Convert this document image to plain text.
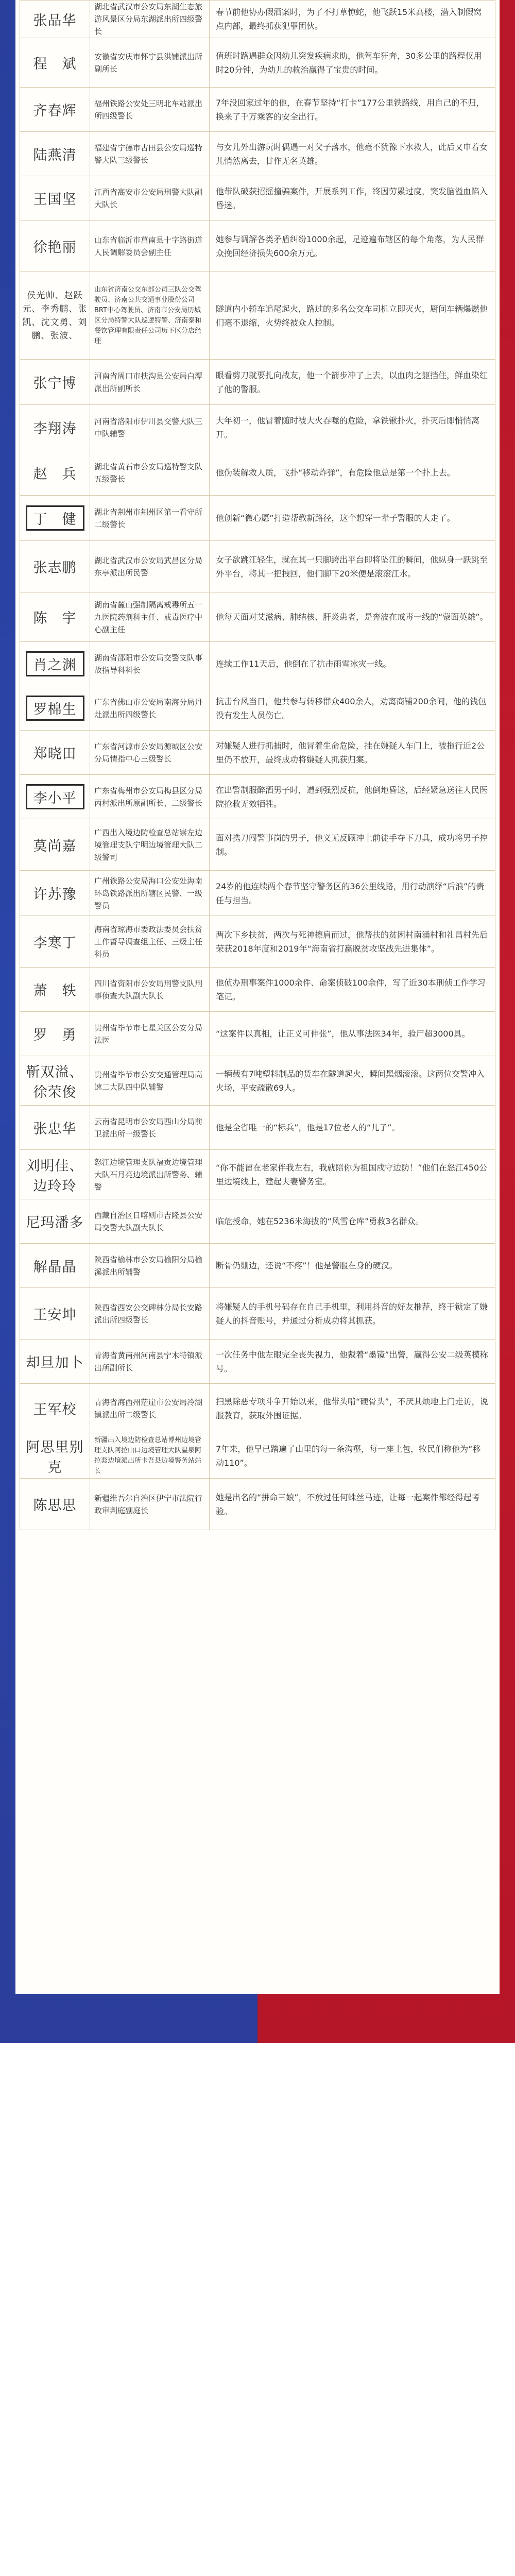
张品华	湖北省武汉市公安局东湖生态旅游风景区分局东湖派出所四级警长	春节前他协办假酒案时，为了不打草惊蛇，他飞跃15米高楼，潜入制假窝点内部，最终抓获犯罪团伙。
程　斌	安徽省安庆市怀宁县洪铺派出所副所长	值班时路遇群众因幼儿突发疾病求助，他驾车狂奔，30多公里的路程仅用时20分钟，为幼儿的救治赢得了宝贵的时间。
齐春辉	福州铁路公安处三明北车站派出所四级警长	7年没回家过年的他，在春节坚持“打卡”177公里铁路线，用自己的不归，换来了千万乘客的安全出行。
陆燕清	福建省宁德市古田县公安局巡特警大队三级警长	与女儿外出游玩时偶遇一对父子落水，他毫不犹豫下水救人，此后又申着女儿悄然离去，甘作无名英雄。
王国坚	江西省高安市公安局刑警大队副大队长	他带队破获招摇撞骗案件，开展系列工作，终因劳累过度，突发脑溢血陷入昏迷。
徐艳丽	山东省临沂市莒南县十字路街道人民调解委员会副主任	她参与调解各类矛盾纠纷1000余起，足迹遍布辖区的每个角落，为人民群众挽回经济损失600余万元。
侯光帅、赵跃元、李秀鹏、张凯、沈文勇、刘鹏、张波、	山东省济南公交东部公司三队公交驾驶员、济南公共交通事业股份公司BRT中心驾驶员、济南市公安局历城区分局特警大队巡逻特警、济南泰和餐饮管理有限责任公司历下区分店经理	隧道内小轿车追尾起火，路过的多名公交车司机立即灭火，厨间车辆爆燃他们毫不退缩，火势终被众人控制。
张宁博	河南省周口市扶沟县公安局白潭派出所副所长	眼看剪刀就要扎向战友，他一个箭步冲了上去，以血肉之躯挡住，鲜血染红了他的警服。
李翔涛	河南省洛阳市伊川县交警大队三中队辅警	大年初一，他冒着随时被大火吞噬的危险，拿铁锹扑火，扑灭后即悄悄离开。
赵　兵	湖北省黄石市公安局巡特警支队五级警长	他伪装解救人质，飞扑“移动炸弹”，有危险他总是第一个扑上去。
丁　健	湖北省荆州市荆州区第一看守所二级警长	他创新“微心愿”打造帮教新路径，这个想穿一辈子警服的人走了。
张志鹏	湖北省武汉市公安局武昌区分局东亭派出所民警	女子欲跳江轻生，就在其一只脚跨出平台即将坠江的瞬间，他纵身一跃跳至外平台，将其一把拽回，他们脚下20米便是滚滚江水。
陈　宇	湖南省麓山强制隔离戒毒所五一九医院药剂科主任、戒毒医疗中心副主任	他每天面对艾滋病、肺结核、肝炎患者，是奔波在戒毒一线的“蒙面英雄”。
肖之渊	湖南省邵阳市公安局交警支队事故指导科科长	连续工作11天后，他倒在了抗击雨雪冰灾一线。
罗棉生	广东省佛山市公安局南海分局丹灶派出所四级警长	抗击台风当日，他共参与转移群众400余人，劝离商铺200余间，他的钱包没有发生人员伤亡。
郑晓田	广东省河源市公安局源城区公安分局情指中心三级警长	对嫌疑人进行抓捕时，他冒着生命危险，挂在嫌疑人车门上，被拖行近2公里仍不放开，最终成功将嫌疑人抓获归案。
李小平	广东省梅州市公安局梅县区分局丙村派出所原副所长、二级警长	在出警制服醉酒男子时，遭到强烈反抗，他倒地昏迷，后经紧急送往人民医院抢救无效牺牲。
莫尚嘉	广西出入境边防检查总站崇左边境管理支队宁明边境管理大队二级警司	面对携刀闯警事岗的男子，他义无反顾冲上前徒手夺下刀具，成功将男子控制。
许苏豫	广州铁路公安局海口公安处海南环岛铁路派出所辖区民警、一级警员	24岁的他连续两个春节坚守警务区的36公里线路，用行动演绎“后浪”的责任与担当。
李寒丁	海南省琼海市委政法委员会扶贫工作督导调查组主任、三级主任科员	两次下乡扶贫，两次与死神擦肩而过，他帮扶的贫困村南涌村和礼昌村先后荣获2018年度和2019年“海南省打赢脱贫攻坚战先进集体”。
萧　轶	四川省资阳市公安局刑警支队刑事侦查大队副大队长	他侦办刑事案件1000余件、命案侦破100余件，写了近30本刑侦工作学习笔记。
罗　勇	贵州省毕节市七星关区公安分局法医	“这案件以真相，让正义可伸张”，他从事法医34年，验尸超3000具。
靳双溢、徐荣俊	贵州省毕节市公安交通管理局高速二大队四中队辅警	一辆载有7吨塑料制品的货车在隧道起火，瞬间黑烟滚滚。这两位交警冲入火场，平安疏散69人。
张忠华	云南省昆明市公安局西山分局前卫派出所一级警长	他是全省唯一的“标兵”，他是17位老人的“儿子”。
刘明佳、边玲玲	怒江边境管理支队福贡边境管理大队石月亮边境派出所警务、辅警	“你不能留在老家伴我左右，我就陪你为祖国戍守边防！”他们在怒江450公里边境线上，建起夫妻警务室。
尼玛潘多	西藏自治区日喀则市吉隆县公安局交警大队副大队长	临危授命，她在5236米海拔的“风雪仓库”勇救3名群众。
解晶晶	陕西省榆林市公安局榆阳分局榆溪派出所辅警	断骨仍绷边，还说“不疼”！他是警服在身的硬汉。
王安坤	陕西省西安公交碑林分局长安路派出所四级警长	将嫌疑人的手机号码存在自己手机里，利用抖音的好友推荐，终于锁定了嫌疑人的抖音账号，并通过分析成功将其抓获。
却旦加卜	青海省黄南州河南县宁木特镇派出所副所长	一次任务中他左眼完全丧失视力，他戴着“墨镜”出警，赢得公安二级英模称号。
王军校	青海省海西州茫崖市公安局冷湖镇派出所二级警长	扫黑除恶专项斗争开始以来，他带头啃“硬骨头”，不厌其烦地上门走访，说服教育，获取外围证据。
阿思里别克	新疆出入境边防检查总站博州边境管理支队阿拉山口边境管理大队温泉阿拉套边境派出所卡吾县边境警务站站长	7年来，他早已踏遍了山里的每一条沟壑，每一座土包，牧民们称他为“移动110”。
陈思思	新疆维吾尔自治区伊宁市法院行政审判庭副庭长	她是出名的“拼命三娘”，不放过任何蛛丝马迹，让每一起案件都经得起考验。
